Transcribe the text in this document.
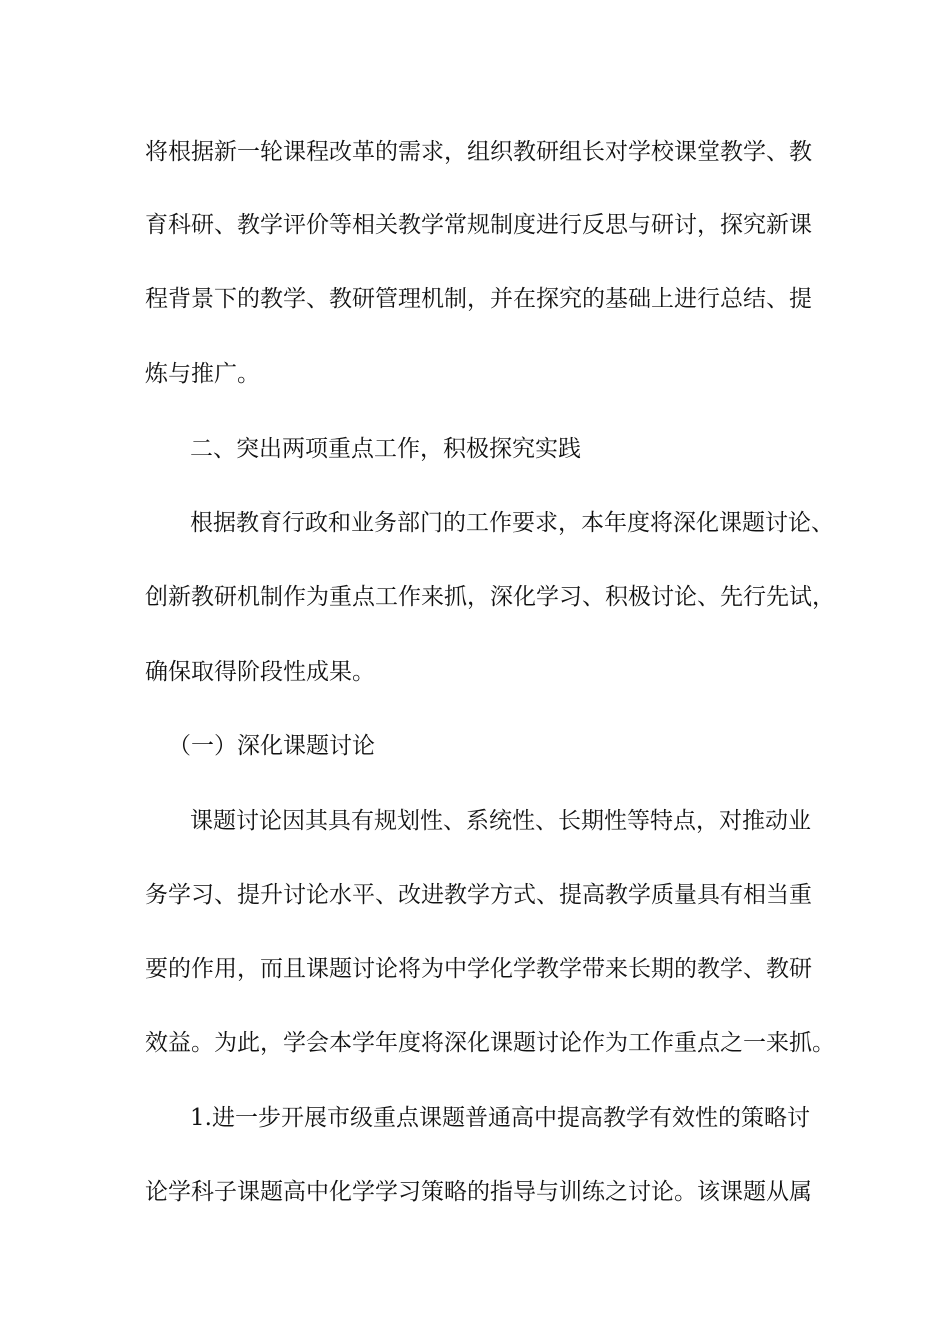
将根据新一轮课程改革的需求，组织教研组长对学校课堂教学、教

育科研、教学评价等相关教学常规制度进行反思与研讨，探究新课

程背景下的教学、教研管理机制，并在探究的基础上进行总结、提

炼与推广。

二、突出两项重点工作，积极探究实践

根据教育行政和业务部门的工作要求，本年度将深化课题讨论、

创新教研机制作为重点工作来抓，深化学习、积极讨论、先行先试，

确保取得阶段性成果。

（一）深化课题讨论

课题讨论因其具有规划性、系统性、长期性等特点，对推动业

务学习、提升讨论水平、改进教学方式、提高教学质量具有相当重

要的作用，而且课题讨论将为中学化学教学带来长期的教学、教研

效益。为此，学会本学年度将深化课题讨论作为工作重点之一来抓。

1.进一步开展市级重点课题普通高中提高教学有效性的策略讨

论学科子课题高中化学学习策略的指导与训练之讨论。该课题从属
